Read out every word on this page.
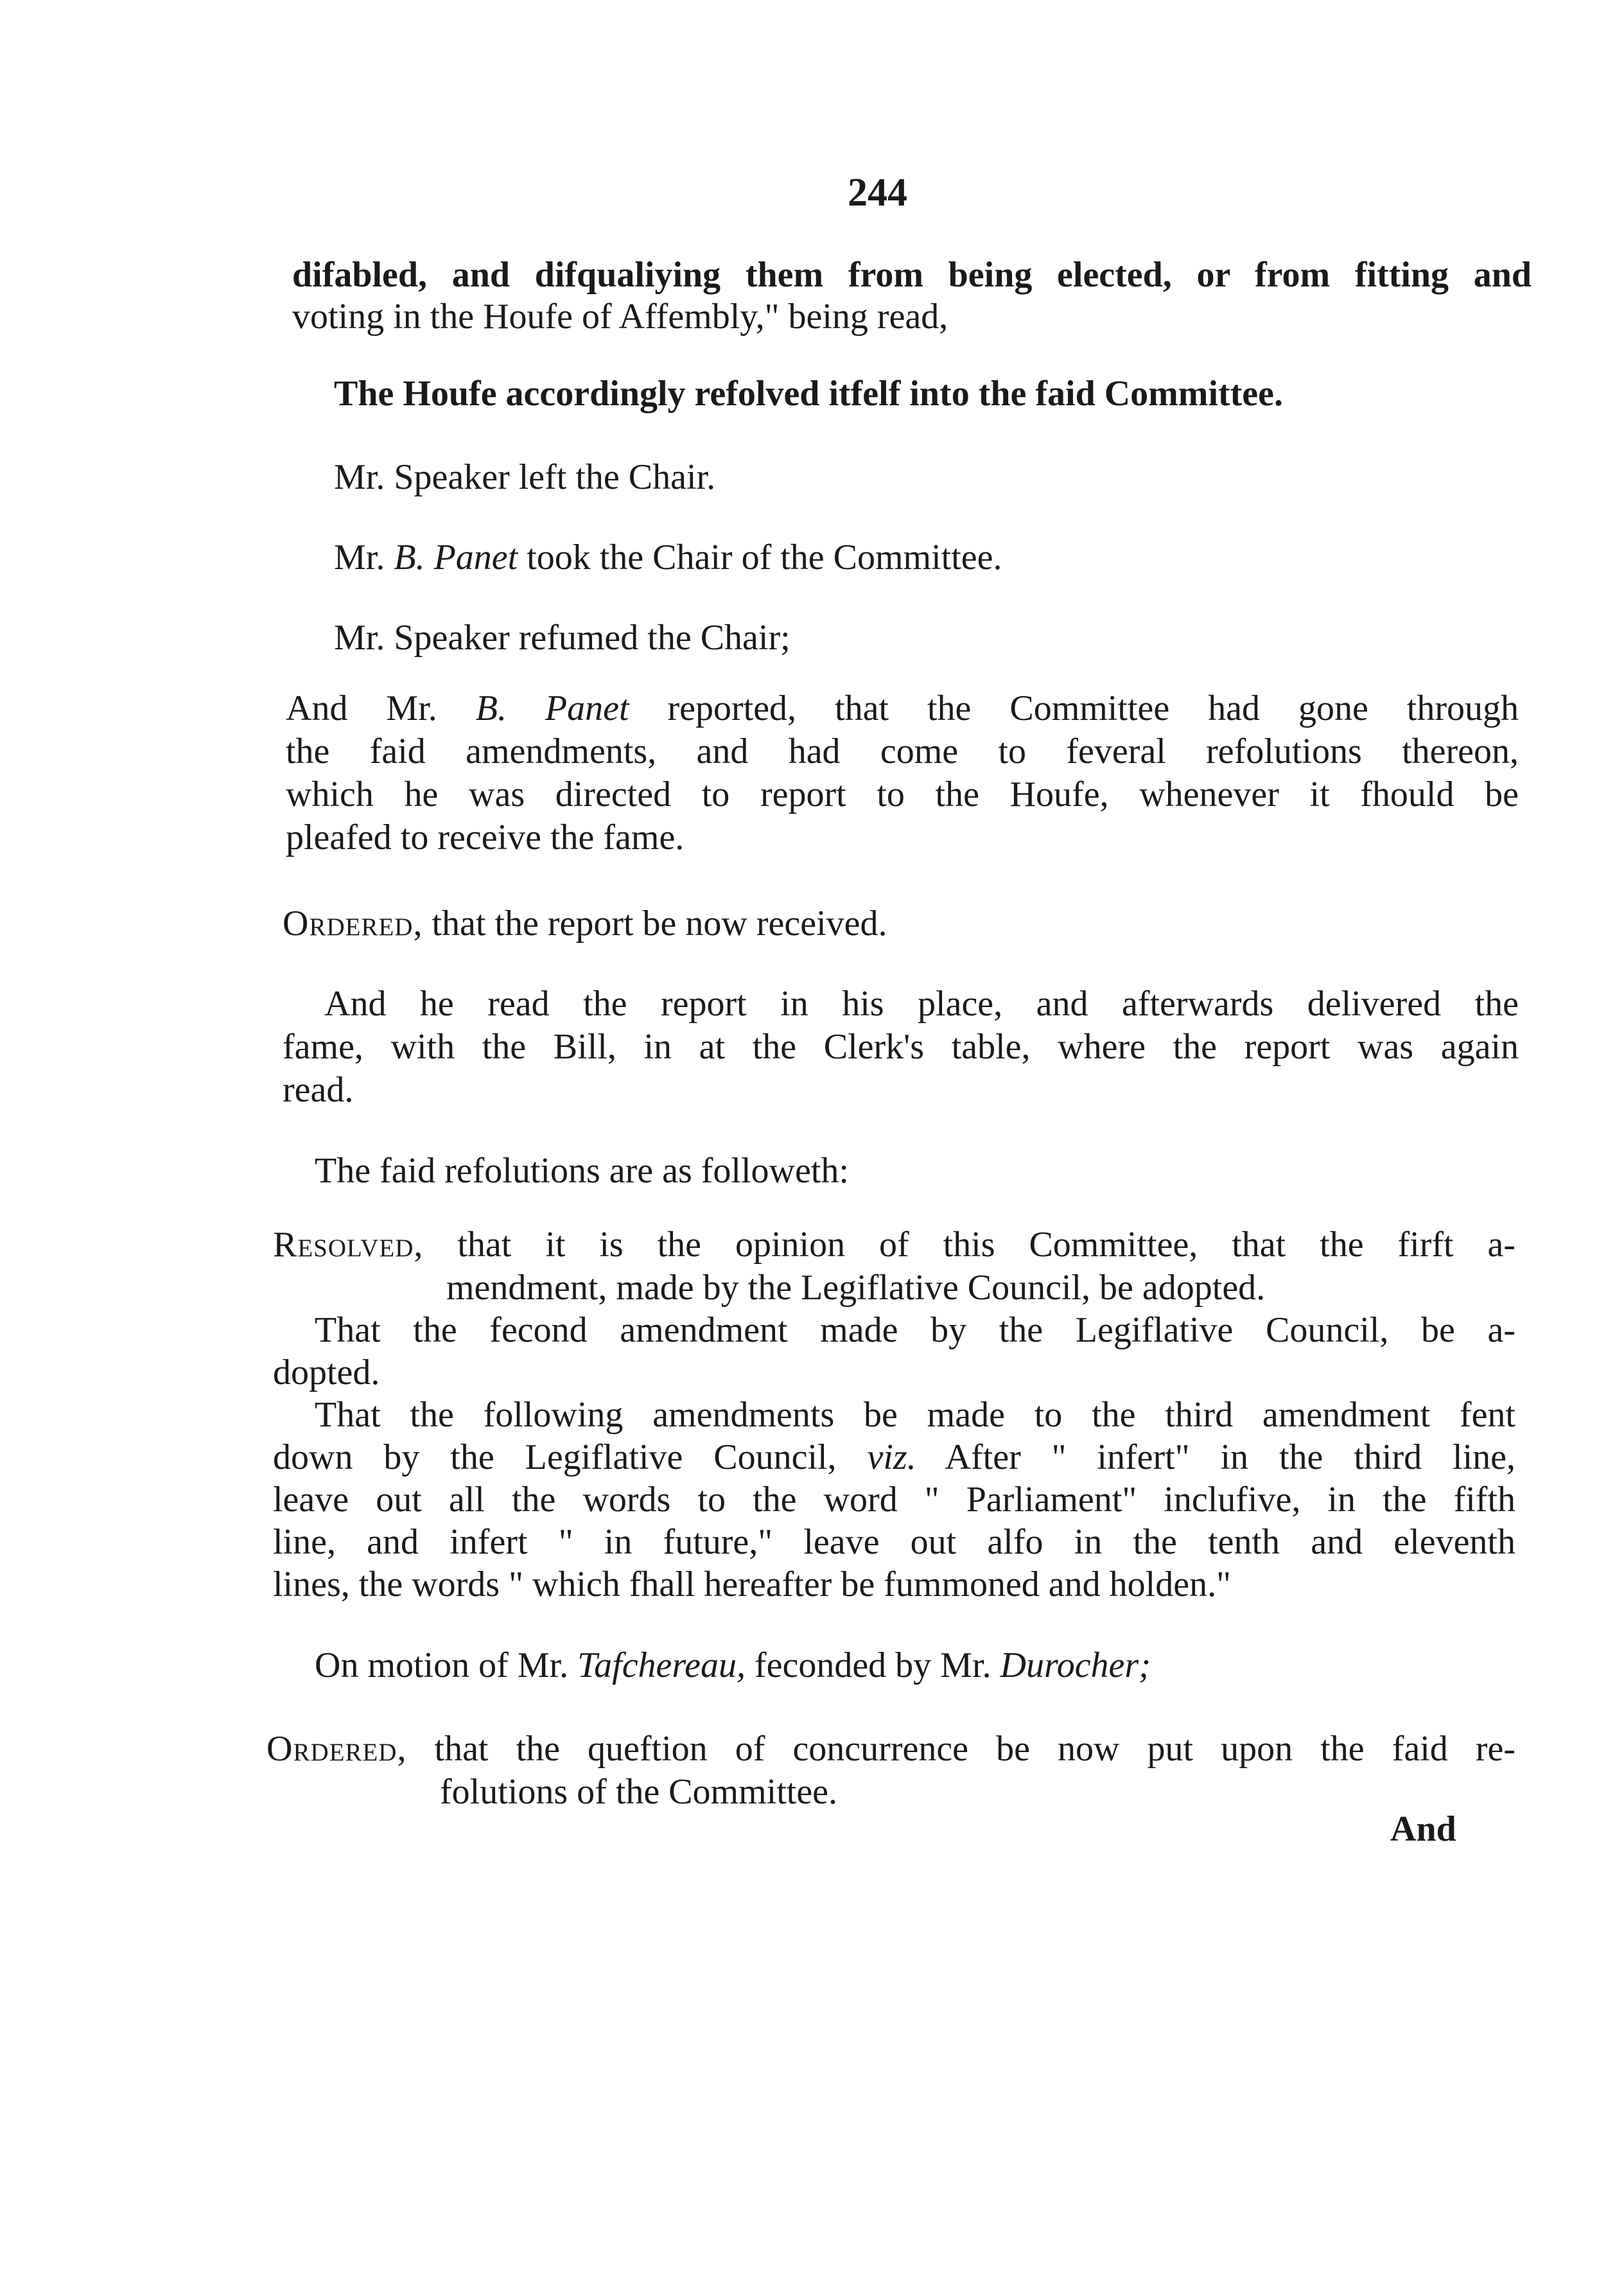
244

difabled, and difqualiying them from being elected, or from fitting and
voting in the Houfe of Affembly," being read,
The Houfe accordingly refolved itfelf into the faid Committee.
Mr. Speaker left the Chair.
Mr. B. Panet took the Chair of the Committee.
Mr. Speaker refumed the Chair;
And Mr. B. Panet reported, that the Committee had gone through
the faid amendments, and had come to feveral refolutions thereon,
which he was directed to report to the Houfe, whenever it fhould be
pleafed to receive the fame.
Ordered, that the report be now received.
And he read the report in his place, and afterwards delivered the
fame, with the Bill, in at the Clerk's table, where the report was again
read.
The faid refolutions are as followeth:
Resolved, that it is the opinion of this Committee, that the firft a-
mendment, made by the Legiflative Council, be adopted.
That the fecond amendment made by the Legiflative Council, be a-
dopted.
That the following amendments be made to the third amendment fent
down by the Legiflative Council, viz. After " infert" in the third line,
leave out all the words to the word " Parliament" inclufive, in the fifth
line, and infert " in future," leave out alfo in the tenth and eleventh
lines, the words " which fhall hereafter be fummoned and holden."
On motion of Mr. Tafchereau, feconded by Mr. Durocher;
Ordered, that the queftion of concurrence be now put upon the faid re-
folutions of the Committee.
And
